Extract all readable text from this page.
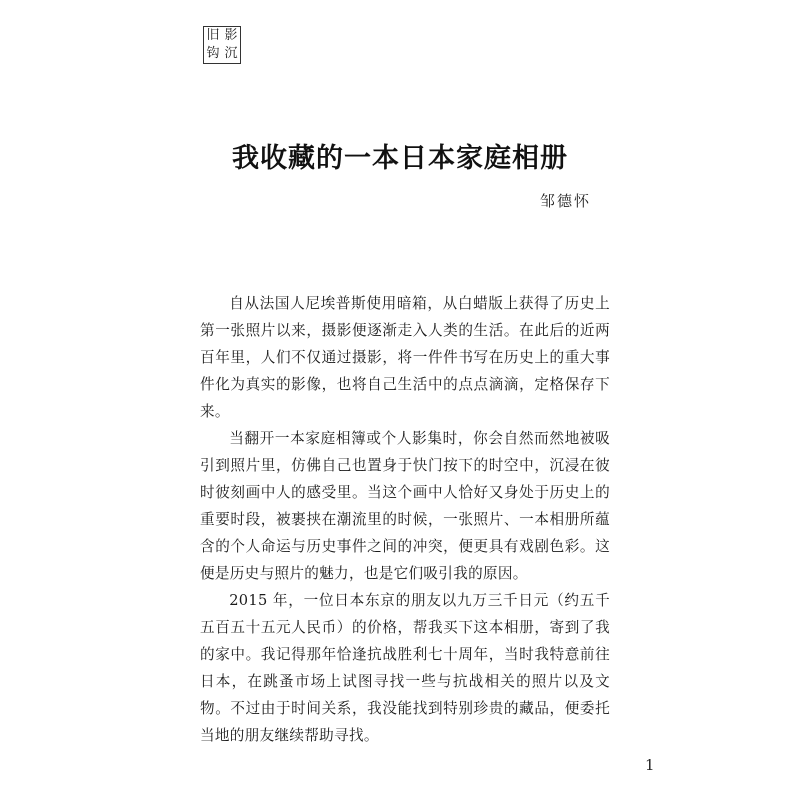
旧 影
钩 沉
我收藏的一本日本家庭相册
邹德怀

自从法国人尼埃普斯使用暗箱，从白蜡版上获得了历史上第一张照片以来，摄影便逐渐走入人类的生活。在此后的近两百年里，人们不仅通过摄影，将一件件书写在历史上的重大事件化为真实的影像，也将自己生活中的点点滴滴，定格保存下来。

当翻开一本家庭相簿或个人影集时，你会自然而然地被吸引到照片里，仿佛自己也置身于快门按下的时空中，沉浸在彼时彼刻画中人的感受里。当这个画中人恰好又身处于历史上的重要时段，被裹挟在潮流里的时候，一张照片、一本相册所蕴含的个人命运与历史事件之间的冲突，便更具有戏剧色彩。这便是历史与照片的魅力，也是它们吸引我的原因。

2015 年，一位日本东京的朋友以九万三千日元（约五千五百五十五元人民币）的价格，帮我买下这本相册，寄到了我的家中。我记得那年恰逢抗战胜利七十周年，当时我特意前往日本，在跳蚤市场上试图寻找一些与抗战相关的照片以及文物。不过由于时间关系，我没能找到特别珍贵的藏品，便委托当地的朋友继续帮助寻找。

1
